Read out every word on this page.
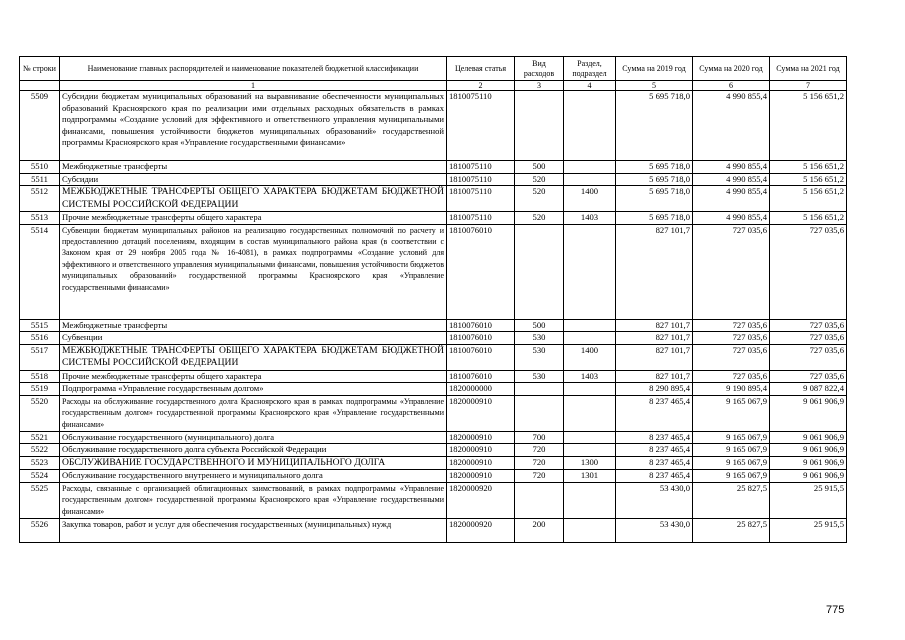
№ строки	Наименование главных распорядителей и наименование показателей бюджетной классификации	Целевая статья	Вид расходов	Раздел, подраздел	Сумма на 2019 год	Сумма на 2020 год	Сумма на 2021 год
	1	2	3	4	5	6	7
5509	Субсидии бюджетам муниципальных образований на выравнивание обеспеченности муниципальных образований Красноярского края по реализации ими отдельных расходных обязательств в рамках подпрограммы «Создание условий для эффективного и ответственного управления муниципальными финансами, повышения устойчивости бюджетов муниципальных образований» государственной программы Красноярского края «Управление государственными финансами»	1810075110			5 695 718,0	4 990 855,4	5 156 651,2
5510	Межбюджетные трансферты	1810075110	500		5 695 718,0	4 990 855,4	5 156 651,2
5511	Субсидии	1810075110	520		5 695 718,0	4 990 855,4	5 156 651,2
5512	МЕЖБЮДЖЕТНЫЕ ТРАНСФЕРТЫ ОБЩЕГО ХАРАКТЕРА БЮДЖЕТАМ БЮДЖЕТНОЙ СИСТЕМЫ РОССИЙСКОЙ ФЕДЕРАЦИИ	1810075110	520	1400	5 695 718,0	4 990 855,4	5 156 651,2
5513	Прочие межбюджетные трансферты общего характера	1810075110	520	1403	5 695 718,0	4 990 855,4	5 156 651,2
5514	Субвенции бюджетам муниципальных районов на реализацию государственных полномочий по расчету и предоставлению дотаций поселениям, входящим в состав муниципального района края (в соответствии с Законом края от 29 ноября 2005 года № 16-4081), в рамках подпрограммы «Создание условий для эффективного и ответственного управления муниципальными финансами, повышения устойчивости бюджетов муниципальных образований» государственной программы Красноярского края «Управление государственными финансами»	1810076010			827 101,7	727 035,6	727 035,6
5515	Межбюджетные трансферты	1810076010	500		827 101,7	727 035,6	727 035,6
5516	Субвенции	1810076010	530		827 101,7	727 035,6	727 035,6
5517	МЕЖБЮДЖЕТНЫЕ ТРАНСФЕРТЫ ОБЩЕГО ХАРАКТЕРА БЮДЖЕТАМ БЮДЖЕТНОЙ СИСТЕМЫ РОССИЙСКОЙ ФЕДЕРАЦИИ	1810076010	530	1400	827 101,7	727 035,6	727 035,6
5518	Прочие межбюджетные трансферты общего характера	1810076010	530	1403	827 101,7	727 035,6	727 035,6
5519	Подпрограмма «Управление государственным долгом»	1820000000			8 290 895,4	9 190 895,4	9 087 822,4
5520	Расходы на обслуживание государственного долга Красноярского края в рамках подпрограммы «Управление государственным долгом» государственной программы Красноярского края «Управление государственными финансами»	1820000910			8 237 465,4	9 165 067,9	9 061 906,9
5521	Обслуживание государственного (муниципального) долга	1820000910	700		8 237 465,4	9 165 067,9	9 061 906,9
5522	Обслуживание государственного долга субъекта Российской Федерации	1820000910	720		8 237 465,4	9 165 067,9	9 061 906,9
5523	ОБСЛУЖИВАНИЕ ГОСУДАРСТВЕННОГО И МУНИЦИПАЛЬНОГО ДОЛГА	1820000910	720	1300	8 237 465,4	9 165 067,9	9 061 906,9
5524	Обслуживание государственного внутреннего и муниципального долга	1820000910	720	1301	8 237 465,4	9 165 067,9	9 061 906,9
5525	Расходы, связанные с организацией облигационных заимствований, в рамках подпрограммы «Управление государственным долгом» государственной программы Красноярского края «Управление государственными финансами»	1820000920			53 430,0	25 827,5	25 915,5
5526	Закупка товаров, работ и услуг для обеспечения государственных (муниципальных) нужд	1820000920	200		53 430,0	25 827,5	25 915,5
775
